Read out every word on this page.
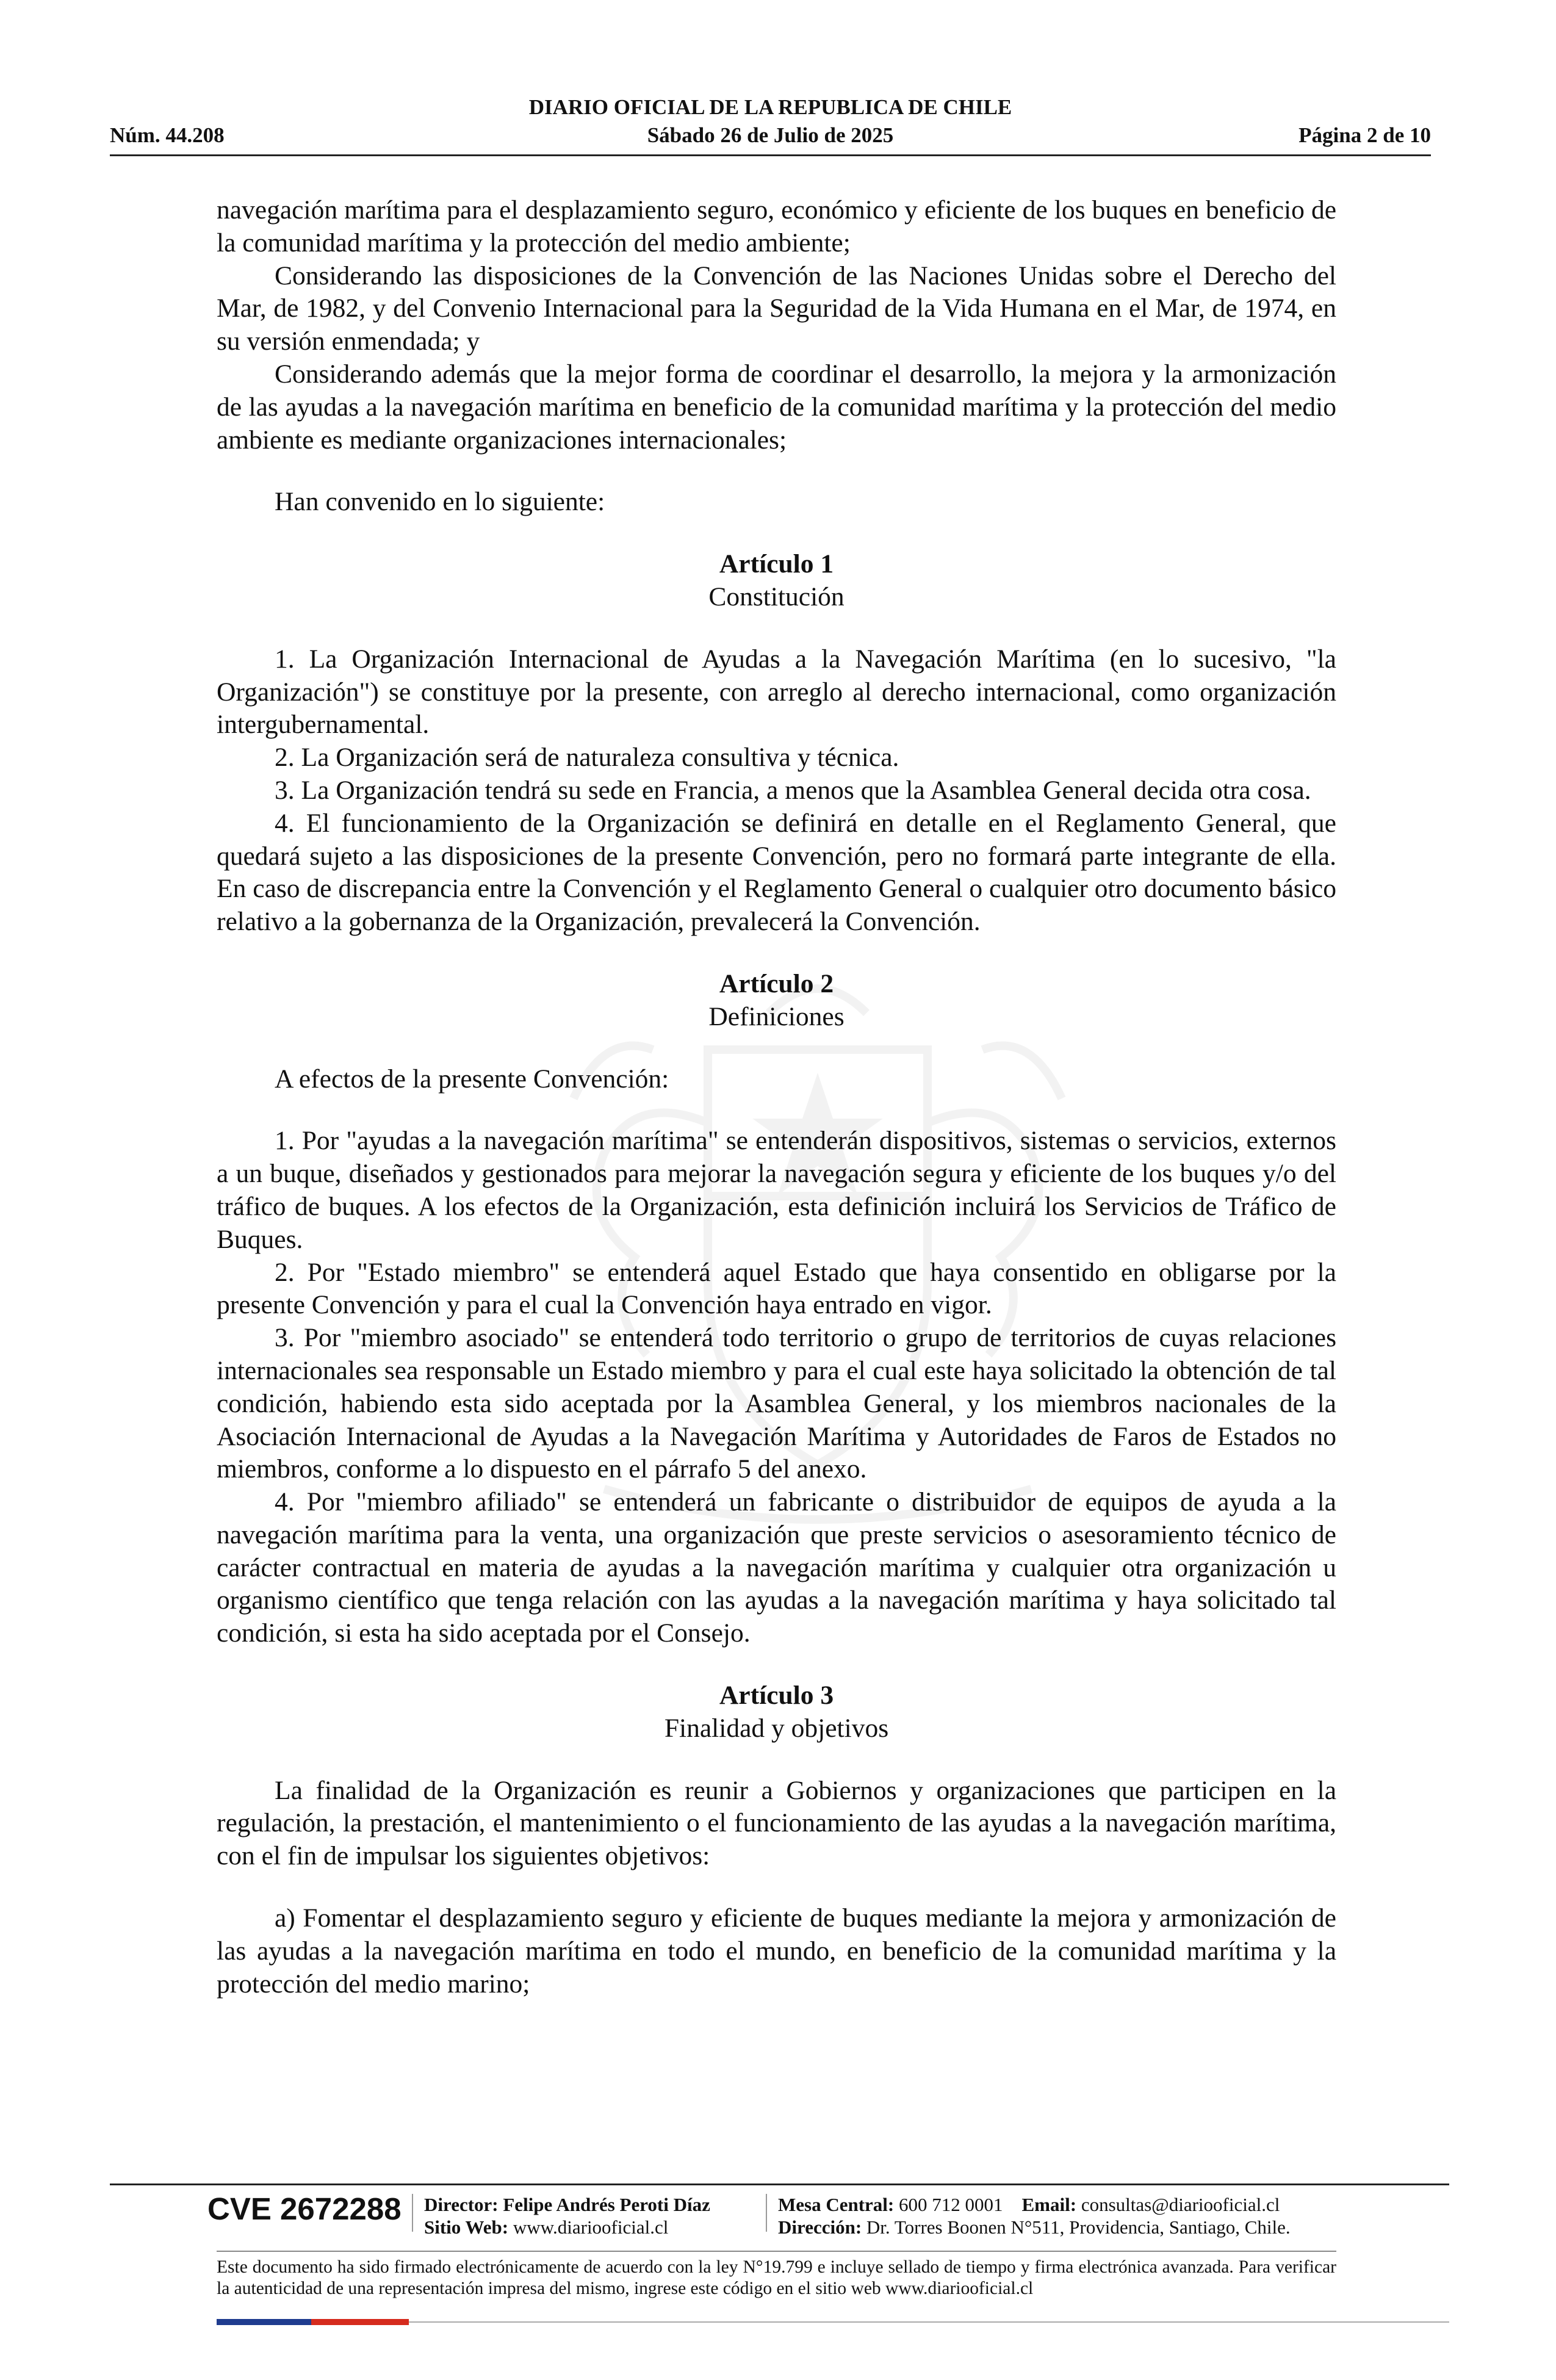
DIARIO OFICIAL DE LA REPUBLICA DE CHILE
Núm. 44.208	Sábado 26 de Julio de 2025	Página 2 de 10

navegación marítima para el desplazamiento seguro, económico y eficiente de los buques en beneficio de la comunidad marítima y la protección del medio ambiente;

Considerando las disposiciones de la Convención de las Naciones Unidas sobre el Derecho del Mar, de 1982, y del Convenio Internacional para la Seguridad de la Vida Humana en el Mar, de 1974, en su versión enmendada; y

Considerando además que la mejor forma de coordinar el desarrollo, la mejora y la armonización de las ayudas a la navegación marítima en beneficio de la comunidad marítima y la protección del medio ambiente es mediante organizaciones internacionales;

Han convenido en lo siguiente:

Artículo 1

Constitución

1. La Organización Internacional de Ayudas a la Navegación Marítima (en lo sucesivo, "la Organización") se constituye por la presente, con arreglo al derecho internacional, como organización intergubernamental.

2. La Organización será de naturaleza consultiva y técnica.

3. La Organización tendrá su sede en Francia, a menos que la Asamblea General decida otra cosa.

4. El funcionamiento de la Organización se definirá en detalle en el Reglamento General, que quedará sujeto a las disposiciones de la presente Convención, pero no formará parte integrante de ella. En caso de discrepancia entre la Convención y el Reglamento General o cualquier otro documento básico relativo a la gobernanza de la Organización, prevalecerá la Convención.

Artículo 2

Definiciones

A efectos de la presente Convención:

1. Por "ayudas a la navegación marítima" se entenderán dispositivos, sistemas o servicios, externos a un buque, diseñados y gestionados para mejorar la navegación segura y eficiente de los buques y/o del tráfico de buques. A los efectos de la Organización, esta definición incluirá los Servicios de Tráfico de Buques.

2. Por "Estado miembro" se entenderá aquel Estado que haya consentido en obligarse por la presente Convención y para el cual la Convención haya entrado en vigor.

3. Por "miembro asociado" se entenderá todo territorio o grupo de territorios de cuyas relaciones internacionales sea responsable un Estado miembro y para el cual este haya solicitado la obtención de tal condición, habiendo esta sido aceptada por la Asamblea General, y los miembros nacionales de la Asociación Internacional de Ayudas a la Navegación Marítima y Autoridades de Faros de Estados no miembros, conforme a lo dispuesto en el párrafo 5 del anexo.

4. Por "miembro afiliado" se entenderá un fabricante o distribuidor de equipos de ayuda a la navegación marítima para la venta, una organización que preste servicios o asesoramiento técnico de carácter contractual en materia de ayudas a la navegación marítima y cualquier otra organización u organismo científico que tenga relación con las ayudas a la navegación marítima y haya solicitado tal condición, si esta ha sido aceptada por el Consejo.

Artículo 3

Finalidad y objetivos

La finalidad de la Organización es reunir a Gobiernos y organizaciones que participen en la regulación, la prestación, el mantenimiento o el funcionamiento de las ayudas a la navegación marítima, con el fin de impulsar los siguientes objetivos:

a) Fomentar el desplazamiento seguro y eficiente de buques mediante la mejora y armonización de las ayudas a la navegación marítima en todo el mundo, en beneficio de la comunidad marítima y la protección del medio marino;

CVE 2672288 Director: Felipe Andrés Peroti Díaz
Sitio Web: www.diariooficial.cl
Mesa Central: 600 712 0001 Email: consultas@diariooficial.cl
Dirección: Dr. Torres Boonen N°511, Providencia, Santiago, Chile.
Este documento ha sido firmado electrónicamente de acuerdo con la ley N°19.799 e incluye sellado de tiempo y firma electrónica avanzada. Para verificar la autenticidad de una representación impresa del mismo, ingrese este código en el sitio web www.diariooficial.cl
